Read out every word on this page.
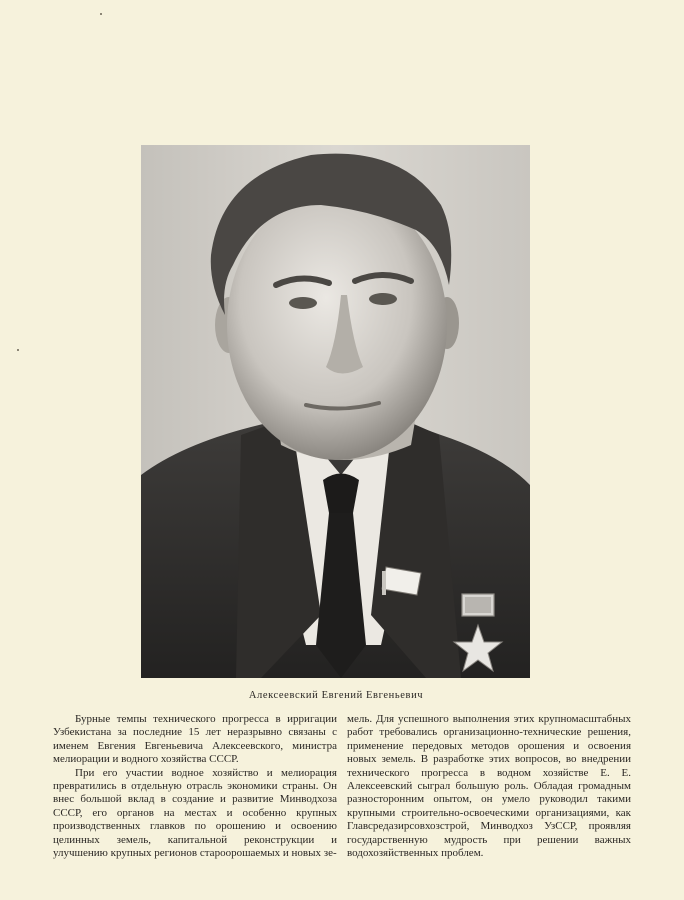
Алексеевский Евгений Евгеньевич

Бурные темпы технического прогресса в ирригации Узбекистана за последние 15 лет неразрывно связаны с именем Евгения Евгеньевича Алексеевского, министра мелиорации и водного хозяйства СССР.

При его участии водное хозяйство и мелиорация превратились в отдельную отрасль экономики страны. Он внес большой вклад в создание и развитие Минводхоза СССР, его органов на местах и особенно крупных производственных главков по орошению и освоению целинных земель, капитальной реконструкции и улучшению крупных регионов староорошаемых и новых зе-

мель. Для успешного выполнения этих крупномасштабных работ требовались организационно-технические решения, применение передовых методов орошения и освоения новых земель. В разработке этих вопросов, во внедрении технического прогресса в водном хозяйстве Е. Е. Алексеевский сыграл большую роль. Обладая громадным разносторонним опытом, он умело руководил такими крупными строительно-освоеческими организациями, как Главсредазирсовхозстрой, Минводхоз УзССР, проявляя государственную мудрость при решении важных водохозяйственных проблем.
